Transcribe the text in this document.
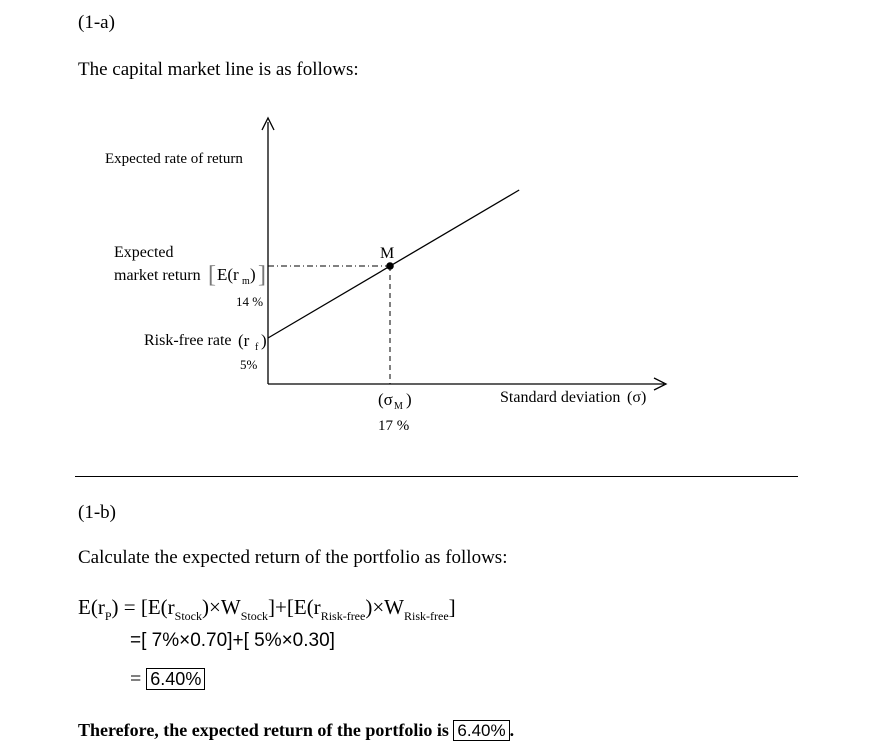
(1-a)
The capital market line is as follows:
Expected rate of return
M
Expected
market return [ E(r m ) ]
14 %
Risk-free rate (r f )
5%
(σ M )
17 %
Standard deviation (σ)
(1-b)
Calculate the expected return of the portfolio as follows:
$E(r_P) = [E(r_{Stock})\times W_{Stock}]+[E(r_{Risk-free})\times W_{Risk-free}]$
=[ 7%×0.70]+[ 5%×0.30]
= 6.40%
Therefore, the expected return of the portfolio is 6.40% .
